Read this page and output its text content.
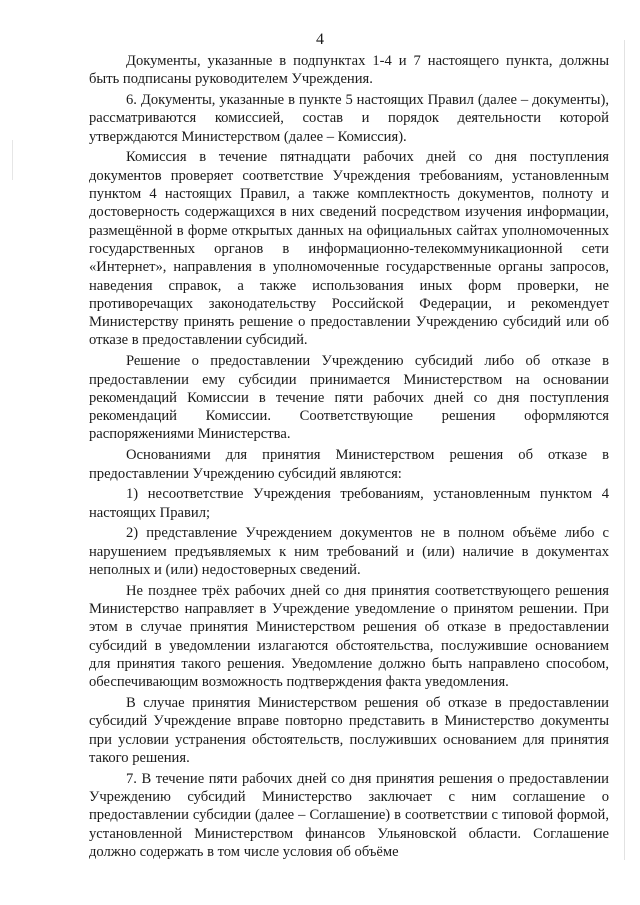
4

Документы, указанные в подпунктах 1-4 и 7 настоящего пункта, должны быть подписаны руководителем Учреждения.

6. Документы, указанные в пункте 5 настоящих Правил (далее – документы), рассматриваются комиссией, состав и порядок деятельности которой утверждаются Министерством (далее – Комиссия).

Комиссия в течение пятнадцати рабочих дней со дня поступления документов проверяет соответствие Учреждения требованиям, установленным пунктом 4 настоящих Правил, а также комплектность документов, полноту и достоверность содержащихся в них сведений посредством изучения информации, размещённой в форме открытых данных на официальных сайтах уполномоченных государственных органов в информационно-телекоммуникационной сети «Интернет», направления в уполномоченные государственные органы запросов, наведения справок, а также использования иных форм проверки, не противоречащих законодательству Российской Федерации, и рекомендует Министерству принять решение о предоставлении Учреждению субсидий или об отказе в предоставлении субсидий.

Решение о предоставлении Учреждению субсидий либо об отказе в предоставлении ему субсидии принимается Министерством на основании рекомендаций Комиссии в течение пяти рабочих дней со дня поступления рекомендаций Комиссии. Соответствующие решения оформляются распоряжениями Министерства.

Основаниями для принятия Министерством решения об отказе в предоставлении Учреждению субсидий являются:

1) несоответствие Учреждения требованиям, установленным пунктом 4 настоящих Правил;

2) представление Учреждением документов не в полном объёме либо с нарушением предъявляемых к ним требований и (или) наличие в документах неполных и (или) недостоверных сведений.

Не позднее трёх рабочих дней со дня принятия соответствующего решения Министерство направляет в Учреждение уведомление о принятом решении. При этом в случае принятия Министерством решения об отказе в предоставлении субсидий в уведомлении излагаются обстоятельства, послужившие основанием для принятия такого решения. Уведомление должно быть направлено способом, обеспечивающим возможность подтверждения факта уведомления.

В случае принятия Министерством решения об отказе в предоставлении субсидий Учреждение вправе повторно представить в Министерство документы при условии устранения обстоятельств, послуживших основанием для принятия такого решения.

7. В течение пяти рабочих дней со дня принятия решения о предоставлении Учреждению субсидий Министерство заключает с ним соглашение о предоставлении субсидии (далее – Соглашение) в соответствии с типовой формой, установленной Министерством финансов Ульяновской области. Соглашение должно содержать в том числе условия об объёме
